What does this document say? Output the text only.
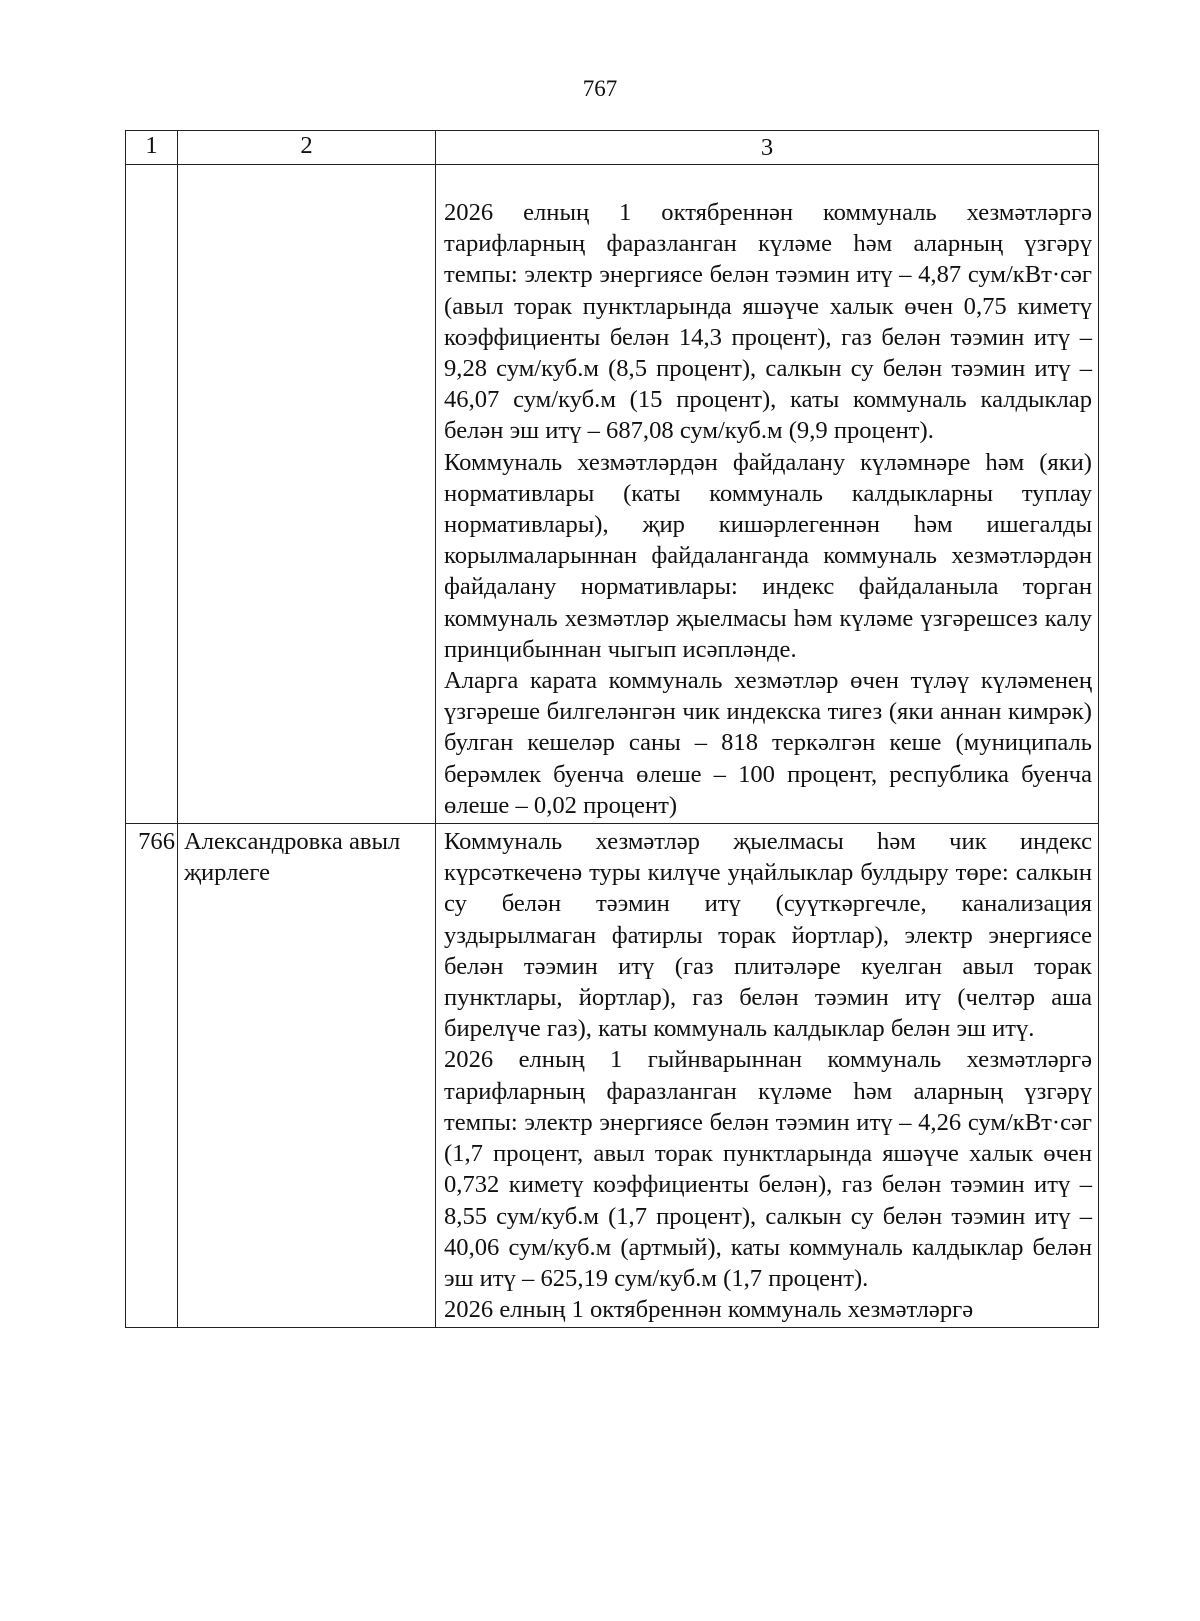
767
1	2	3

		2026 елның 1 октябреннән коммуналь хезмәтләргә тарифларның фаразланган күләме һәм аларның үзгәрү темпы: электр энергиясе белән тәэмин итү – 4,87 сум/кВт·сәг (авыл торак пунктларында яшәүче халык өчен 0,75 киметү коэффициенты белән 14,3 процент), газ белән тәэмин итү – 9,28 сум/куб.м (8,5 процент), салкын су белән тәэмин итү – 46,07 сум/куб.м (15 процент), каты коммуналь калдыклар белән эш итү – 687,08 сум/куб.м (9,9 процент).

Коммуналь хезмәтләрдән файдалану күләмнәре һәм (яки) нормативлары (каты коммуналь калдыкларны туплау нормативлары), җир кишәрлегеннән һәм ишегалды корылмаларыннан файдаланганда коммуналь хезмәтләрдән файдалану нормативлары: индекс файдаланыла торган коммуналь хезмәтләр җыелмасы һәм күләме үзгәрешсез калу принцибыннан чыгып исәпләнде.

Аларга карата коммуналь хезмәтләр өчен түләү күләменең үзгәреше билгеләнгән чик индекска тигез (яки аннан кимрәк) булган кешеләр саны – 818 теркәлгән кеше (муниципаль берәмлек буенча өлеше – 100 процент, республика буенча өлеше – 0,02 процент)

766	Александровка авыл җирлеге	Коммуналь хезмәтләр җыелмасы һәм чик индекс күрсәткеченә туры килүче уңайлыклар булдыру төре: салкын су белән тәэмин итү (суүткәргечле, канализация уздырылмаган фатирлы торак йортлар), электр энергиясе белән тәэмин итү (газ плитәләре куелган авыл торак пунктлары, йортлар), газ белән тәэмин итү (челтәр аша бирелүче газ), каты коммуналь калдыклар белән эш итү.

2026 елның 1 гыйнварыннан коммуналь хезмәтләргә тарифларның фаразланган күләме һәм аларның үзгәрү темпы: электр энергиясе белән тәэмин итү – 4,26 сум/кВт·сәг (1,7 процент, авыл торак пунктларында яшәүче халык өчен 0,732 киметү коэффициенты белән), газ белән тәэмин итү – 8,55 сум/куб.м (1,7 процент), салкын су белән тәэмин итү – 40,06 сум/куб.м (артмый), каты коммуналь калдыклар белән эш итү – 625,19 сум/куб.м (1,7 процент).

2026 елның 1 октябреннән коммуналь хезмәтләргә
